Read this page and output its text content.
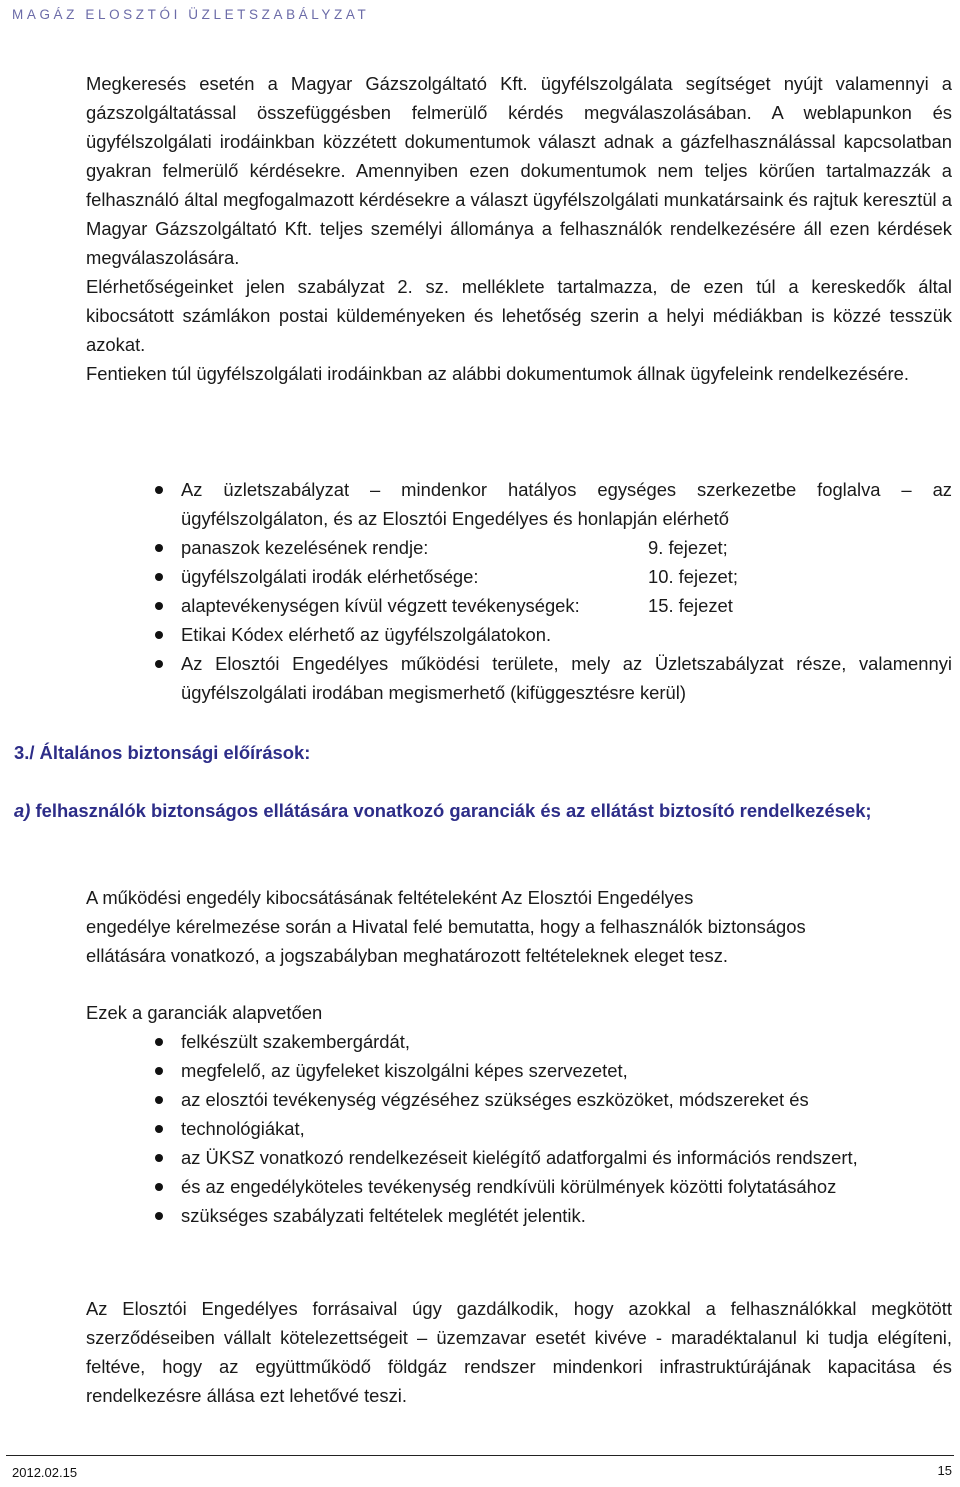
MAGÁZ ELOSZTÓI ÜZLETSZABÁLYZAT

Megkeresés esetén a Magyar Gázszolgáltató Kft. ügyfélszolgálata segítséget nyújt valamennyi a gázszolgáltatással összefüggésben felmerülő kérdés megválaszolásában. A weblapunkon és ügyfélszolgálati irodáinkban közzétett dokumentumok választ adnak a gázfelhasználással kapcsolatban gyakran felmerülő kérdésekre. Amennyiben ezen dokumentumok nem teljes körűen tartalmazzák a felhasználó által megfogalmazott kérdésekre a választ ügyfélszolgálati munkatársaink és rajtuk keresztül a Magyar Gázszolgáltató Kft. teljes személyi állománya a felhasználók rendelkezésére áll ezen kérdések megválaszolására.

Elérhetőségeinket jelen szabályzat 2. sz. melléklete tartalmazza, de ezen túl a kereskedők által kibocsátott számlákon postai küldeményeken és lehetőség szerin a helyi médiákban is közzé tesszük azokat.

Fentieken túl ügyfélszolgálati irodáinkban az alábbi dokumentumok állnak ügyfeleink rendelkezésére.

Az üzletszabályzat – mindenkor hatályos egységes szerkezetbe foglalva – az ügyfélszolgálaton, és az Elosztói Engedélyes és honlapján elérhető
panaszok kezelésének rendje:	9. fejezet;
ügyfélszolgálati irodák elérhetősége:	10. fejezet;
alaptevékenységen kívül végzett tevékenységek:	15. fejezet
Etikai Kódex elérhető az ügyfélszolgálatokon.
Az Elosztói Engedélyes működési területe, mely az Üzletszabályzat része, valamennyi ügyfélszolgálati irodában megismerhető (kifüggesztésre kerül)
3./ Általános biztonsági előírások:
a) felhasználók biztonságos ellátására vonatkozó garanciák és az ellátást biztosító rendelkezések;
A működési engedély kibocsátásának feltételeként Az Elosztói Engedélyes
engedélye kérelmezése során a Hivatal felé bemutatta, hogy a felhasználók biztonságos
ellátására vonatkozó, a jogszabályban meghatározott feltételeknek eleget tesz.
Ezek a garanciák alapvetően
felkészült szakembergárdát,
megfelelő, az ügyfeleket kiszolgálni képes szervezetet,
az elosztói tevékenység végzéséhez szükséges eszközöket, módszereket és
technológiákat,
az ÜKSZ vonatkozó rendelkezéseit kielégítő adatforgalmi és információs rendszert,
és az engedélyköteles tevékenység rendkívüli körülmények közötti folytatásához
szükséges szabályzati feltételek meglétét jelentik.
Az Elosztói Engedélyes forrásaival úgy gazdálkodik, hogy azokkal a felhasználókkal megkötött szerződéseiben vállalt kötelezettségeit – üzemzavar esetét kivéve - maradéktalanul ki tudja elégíteni, feltéve, hogy az együttműködő földgáz rendszer mindenkori infrastruktúrájának kapacitása és rendelkezésre állása ezt lehetővé teszi.
2012.02.15	15
